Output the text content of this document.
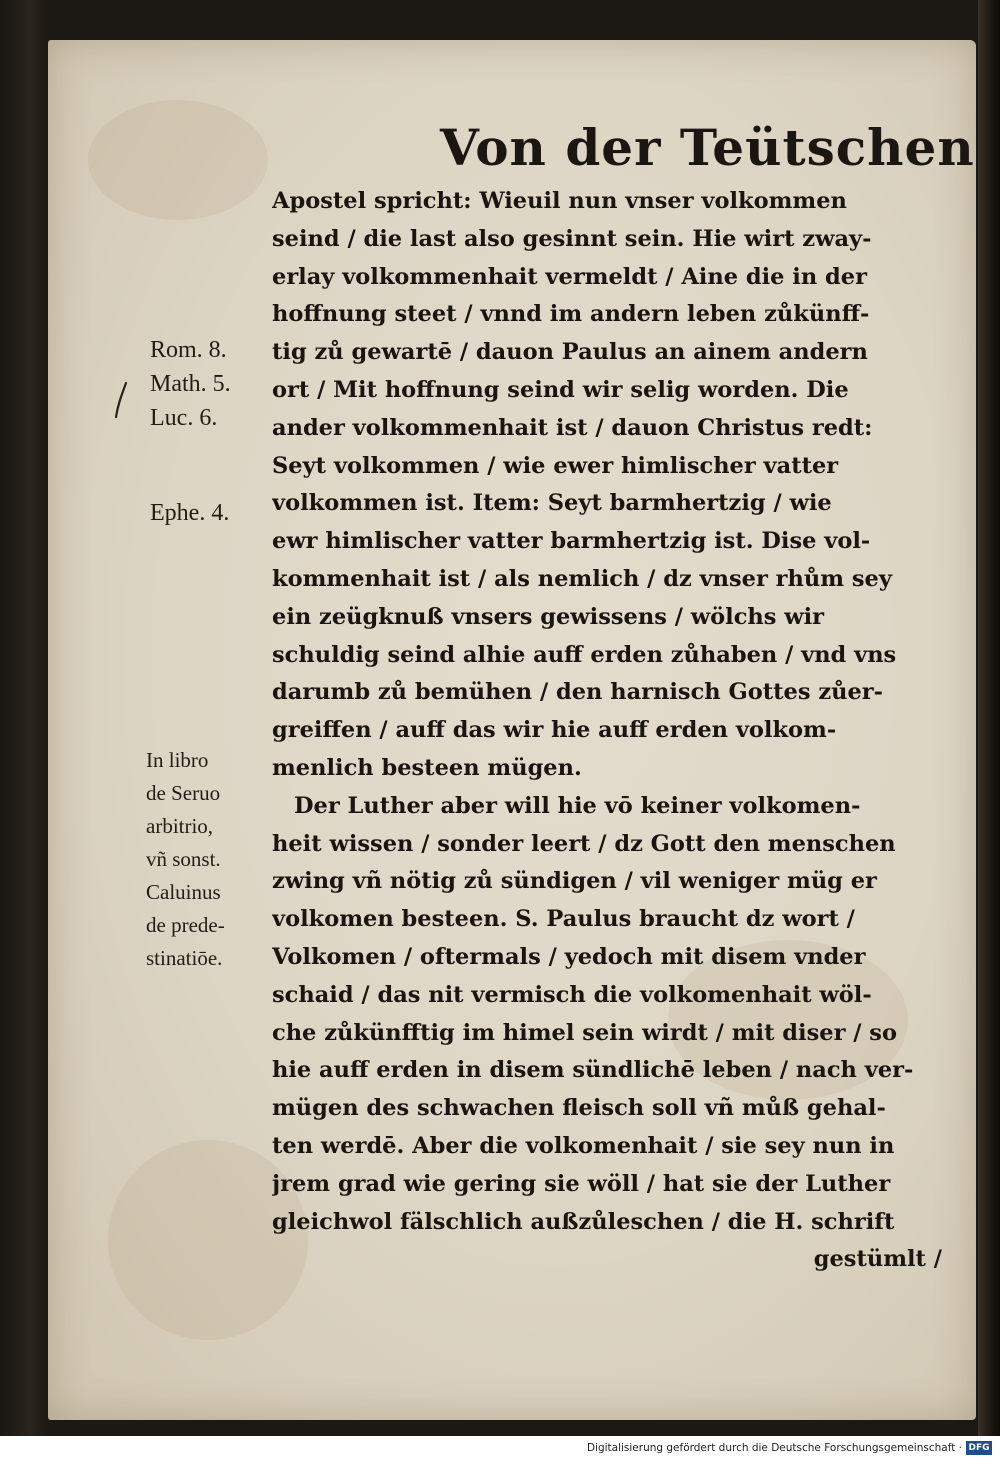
Von der Teütschen
Rom. 8.
Math. 5.
Luc. 6.
Ephe. 4.
In libro
de Seruo
arbitrio,
vñ sonst.
Caluinus
de prede-
stinatiōe.
Apostel spricht: Wieuil nun vnser volkommen
seind / die last also gesinnt sein. Hie wirt zway-
erlay volkommenhait vermeldt / Aine die in der
hoffnung steet / vnnd im andern leben zůkünff-
tig zů gewartē / dauon Paulus an ainem andern
ort / Mit hoffnung seind wir selig worden. Die
ander volkommenhait ist / dauon Christus redt:
Seyt volkommen / wie ewer himlischer vatter
volkommen ist. Item: Seyt barmhertzig / wie
ewr himlischer vatter barmhertzig ist. Dise vol-
kommenhait ist / als nemlich / dz vnser rhům sey
ein zeügknuß vnsers gewissens / wölchs wir
schuldig seind alhie auff erden zůhaben / vnd vns
darumb zů bemühen / den harnisch Gottes zůer-
greiffen / auff das wir hie auff erden volkom-
menlich besteen mügen.
Der Luther aber will hie vō keiner volkomen-
heit wissen / sonder leert / dz Gott den menschen
zwing vñ nötig zů sündigen / vil weniger müg er
volkomen besteen. S. Paulus braucht dz wort /
Volkomen / oftermals / yedoch mit disem vnder
schaid / das nit vermisch die volkomenhait wöl-
che zůkünfftig im himel sein wirdt / mit diser / so
hie auff erden in disem sündlichē leben / nach ver-
mügen des schwachen fleisch soll vñ můß gehal-
ten werdē. Aber die volkomenhait / sie sey nun in
jrem grad wie gering sie wöll / hat sie der Luther
gleichwol fälschlich außzůleschen / die H. schrift
gestümlt /
Digitalisierung gefördert durch die Deutsche Forschungsgemeinschaft · DFG
